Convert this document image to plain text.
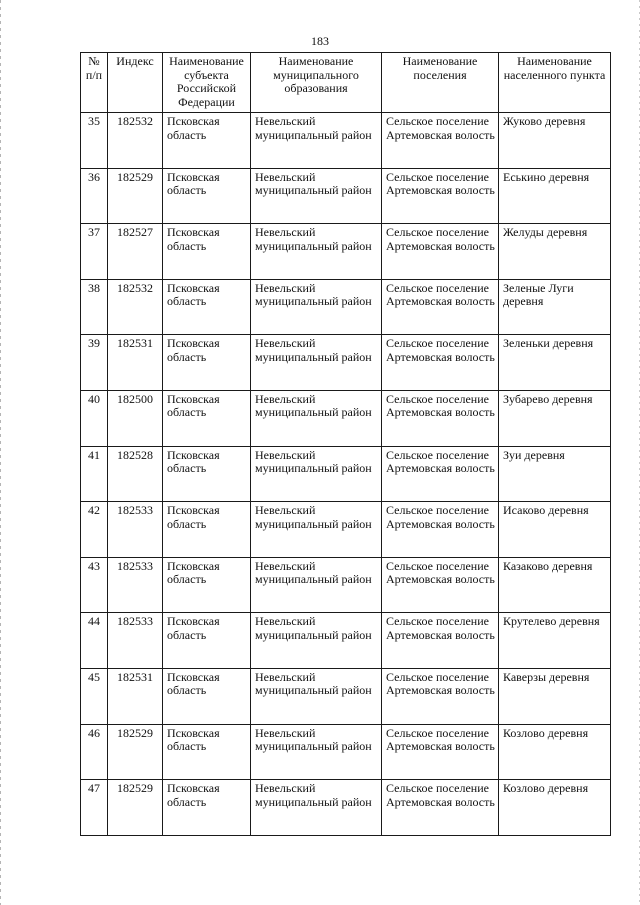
183
№ п/п	Индекс	Наименование субъекта Российской Федерации	Наименование муниципального образования	Наименование поселения	Наименование населенного пункта
35	182532	Псковская область	Невельский муниципальный район	Сельское поселение Артемовская волость	Жуково деревня
36	182529	Псковская область	Невельский муниципальный район	Сельское поселение Артемовская волость	Еськино деревня
37	182527	Псковская область	Невельский муниципальный район	Сельское поселение Артемовская волость	Желуды деревня
38	182532	Псковская область	Невельский муниципальный район	Сельское поселение Артемовская волость	Зеленые Луги деревня
39	182531	Псковская область	Невельский муниципальный район	Сельское поселение Артемовская волость	Зеленьки деревня
40	182500	Псковская область	Невельский муниципальный район	Сельское поселение Артемовская волость	Зубарево деревня
41	182528	Псковская область	Невельский муниципальный район	Сельское поселение Артемовская волость	Зуи деревня
42	182533	Псковская область	Невельский муниципальный район	Сельское поселение Артемовская волость	Исаково деревня
43	182533	Псковская область	Невельский муниципальный район	Сельское поселение Артемовская волость	Казаково деревня
44	182533	Псковская область	Невельский муниципальный район	Сельское поселение Артемовская волость	Крутелево деревня
45	182531	Псковская область	Невельский муниципальный район	Сельское поселение Артемовская волость	Каверзы деревня
46	182529	Псковская область	Невельский муниципальный район	Сельское поселение Артемовская волость	Козлово деревня
47	182529	Псковская область	Невельский муниципальный район	Сельское поселение Артемовская волость	Козлово деревня
